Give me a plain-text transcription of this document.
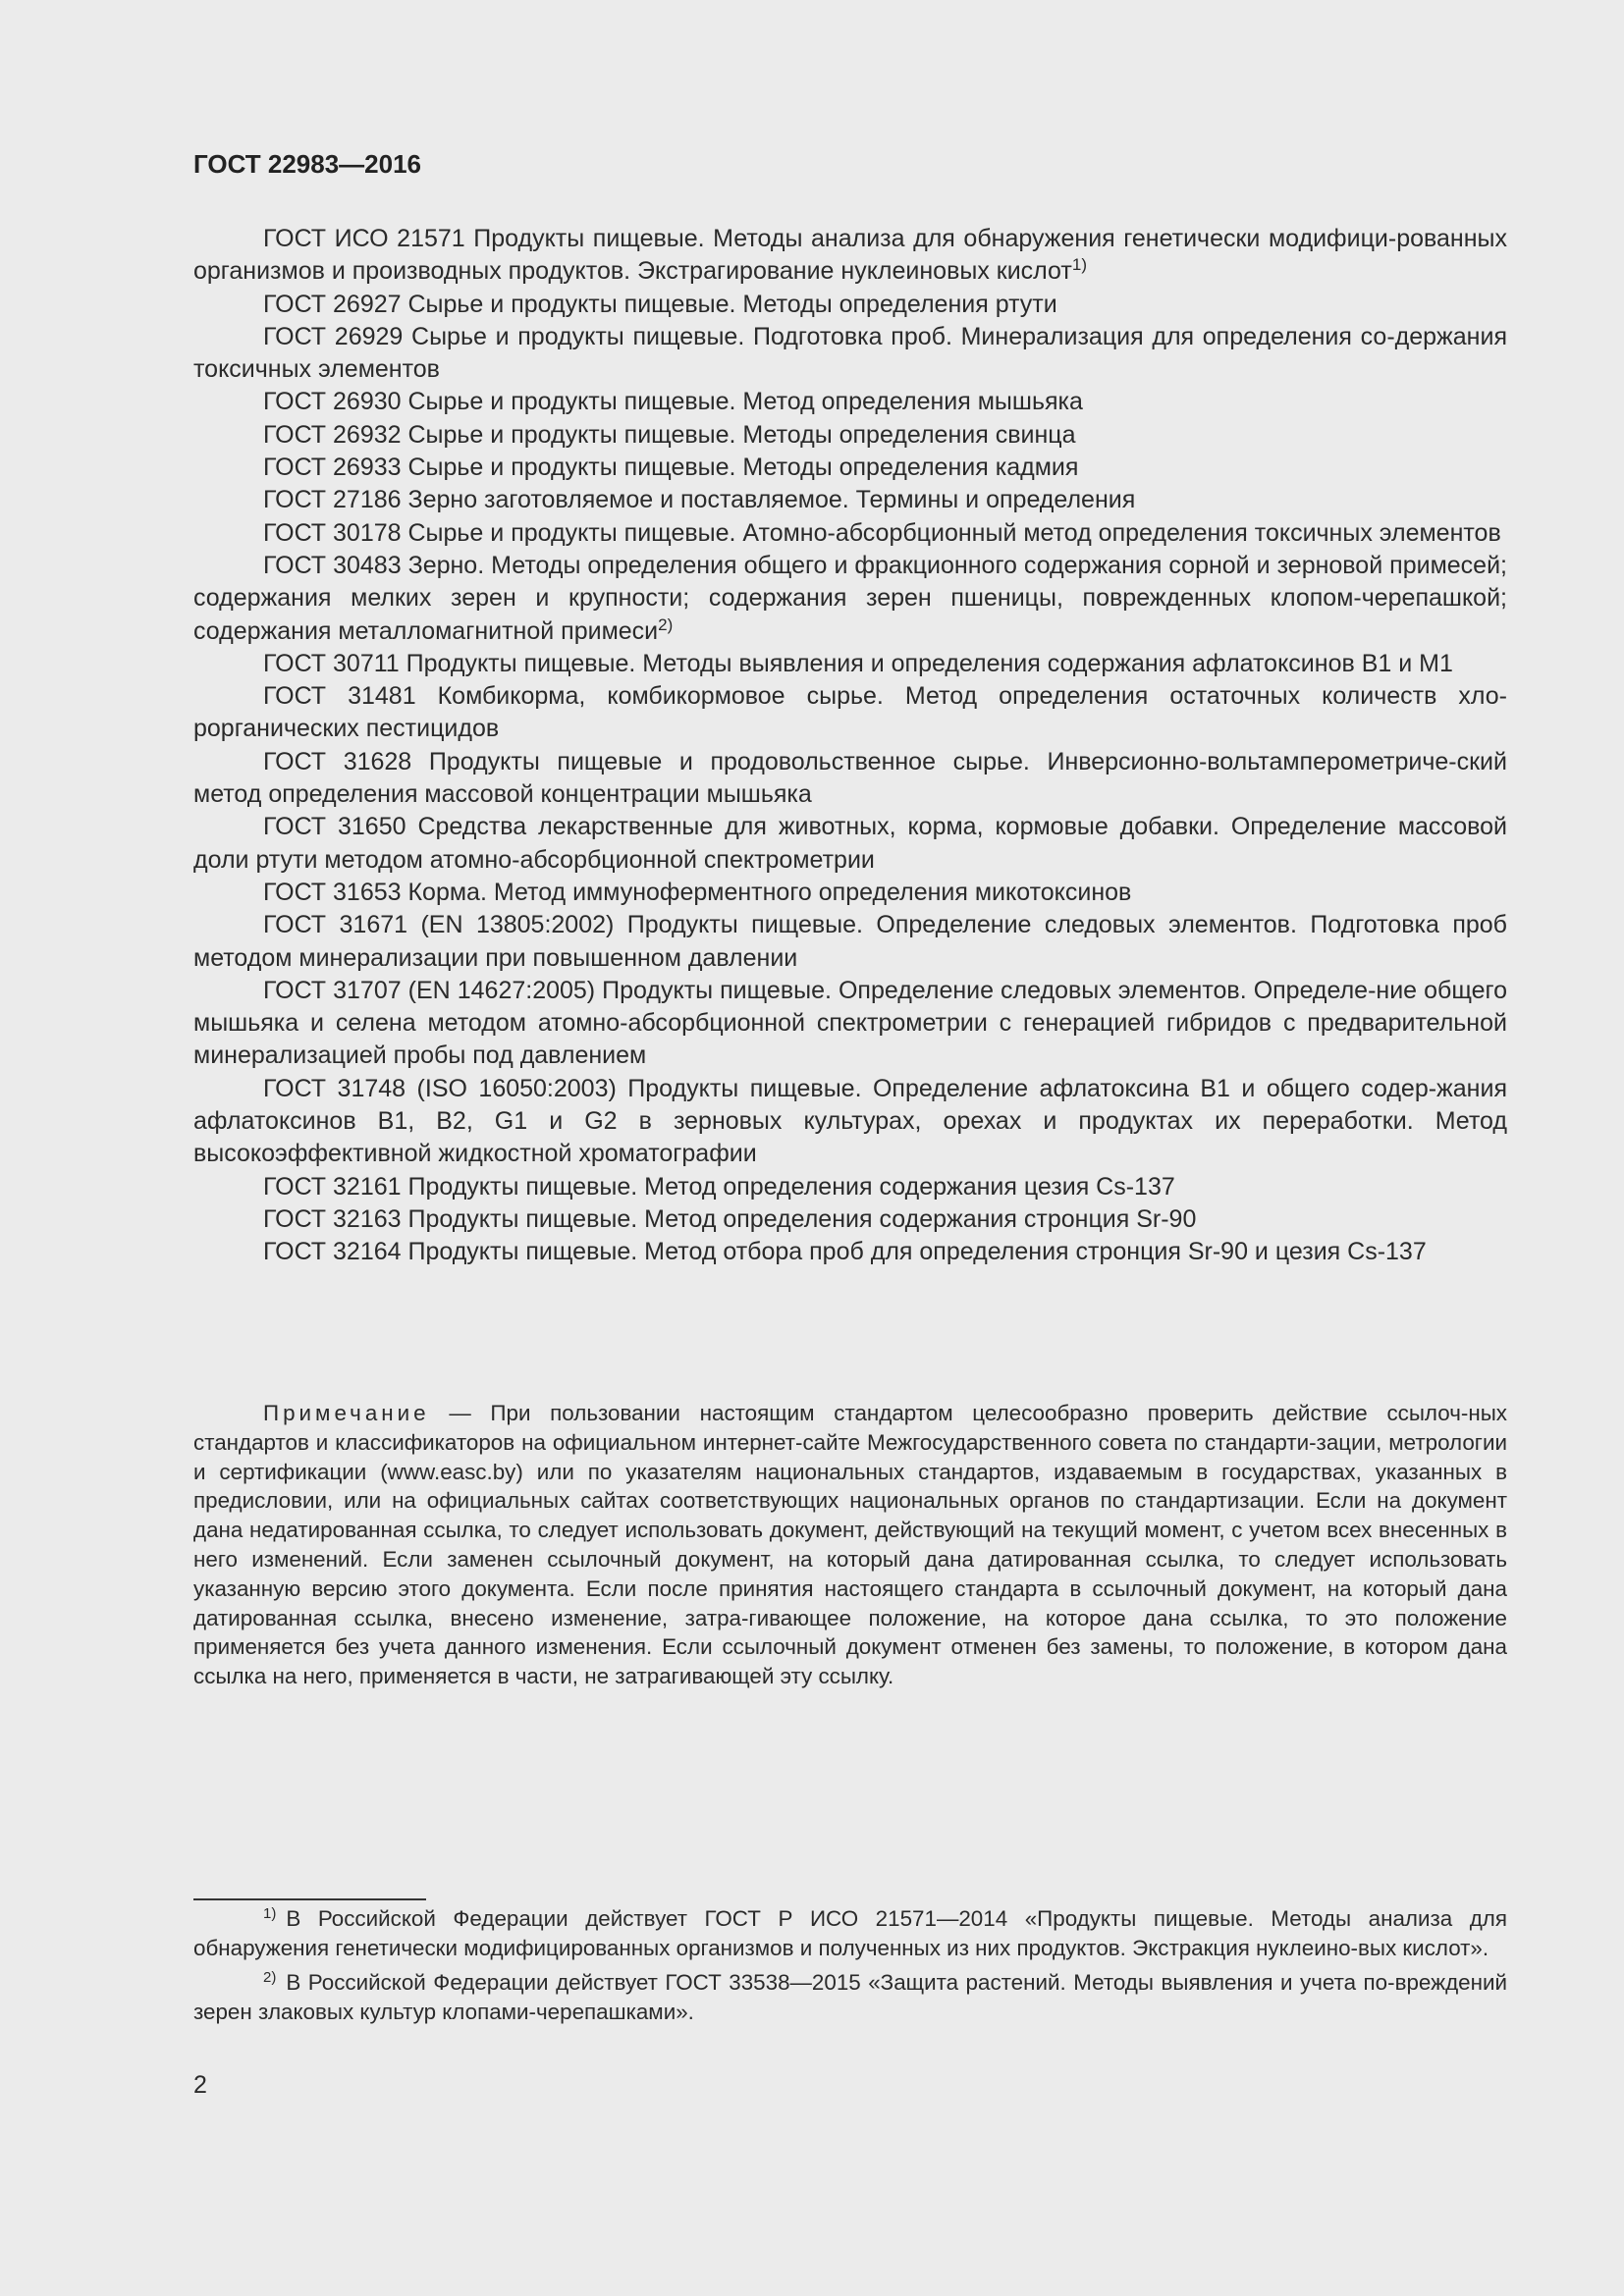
ГОСТ 22983—2016

ГОСТ ИСО 21571 Продукты пищевые. Методы анализа для обнаружения генетически модифици-рованных организмов и производных продуктов. Экстрагирование нуклеиновых кислот$^{1)}$

ГОСТ 26927 Сырье и продукты пищевые. Методы определения ртути

ГОСТ 26929 Сырье и продукты пищевые. Подготовка проб. Минерализация для определения со-держания токсичных элементов

ГОСТ 26930 Сырье и продукты пищевые. Метод определения мышьяка

ГОСТ 26932 Сырье и продукты пищевые. Методы определения свинца

ГОСТ 26933 Сырье и продукты пищевые. Методы определения кадмия

ГОСТ 27186 Зерно заготовляемое и поставляемое. Термины и определения

ГОСТ 30178 Сырье и продукты пищевые. Атомно-абсорбционный метод определения токсичных элементов

ГОСТ 30483 Зерно. Методы определения общего и фракционного содержания сорной и зерновой примесей; содержания мелких зерен и крупности; содержания зерен пшеницы, поврежденных клопом-черепашкой; содержания металломагнитной примеси$^{2)}$

ГОСТ 30711 Продукты пищевые. Методы выявления и определения содержания афлатоксинов В1 и М1

ГОСТ 31481 Комбикорма, комбикормовое сырье. Метод определения остаточных количеств хло-рорганических пестицидов

ГОСТ 31628 Продукты пищевые и продовольственное сырье. Инверсионно-вольтамперометриче-ский метод определения массовой концентрации мышьяка

ГОСТ 31650 Средства лекарственные для животных, корма, кормовые добавки. Определение массовой доли ртути методом атомно-абсорбционной спектрометрии

ГОСТ 31653 Корма. Метод иммуноферментного определения микотоксинов

ГОСТ 31671 (EN 13805:2002) Продукты пищевые. Определение следовых элементов. Подготовка проб методом минерализации при повышенном давлении

ГОСТ 31707 (EN 14627:2005) Продукты пищевые. Определение следовых элементов. Определе-ние общего мышьяка и селена методом атомно-абсорбционной спектрометрии с генерацией гибридов с предварительной минерализацией пробы под давлением

ГОСТ 31748 (ISO 16050:2003) Продукты пищевые. Определение афлатоксина В1 и общего содер-жания афлатоксинов В1, В2, G1 и G2 в зерновых культурах, орехах и продуктах их переработки. Метод высокоэффективной жидкостной хроматографии

ГОСТ 32161 Продукты пищевые. Метод определения содержания цезия Cs-137

ГОСТ 32163 Продукты пищевые. Метод определения содержания стронция Sr-90

ГОСТ 32164 Продукты пищевые. Метод отбора проб для определения стронция Sr-90 и цезия Cs-137

Примечание — При пользовании настоящим стандартом целесообразно проверить действие ссылоч-ных стандартов и классификаторов на официальном интернет-сайте Межгосударственного совета по стандарти-зации, метрологии и сертификации (www.easc.by) или по указателям национальных стандартов, издаваемым в государствах, указанных в предисловии, или на официальных сайтах соответствующих национальных органов по стандартизации. Если на документ дана недатированная ссылка, то следует использовать документ, действующий на текущий момент, с учетом всех внесенных в него изменений. Если заменен ссылочный документ, на который дана датированная ссылка, то следует использовать указанную версию этого документа. Если после принятия настоящего стандарта в ссылочный документ, на который дана датированная ссылка, внесено изменение, затра-гивающее положение, на которое дана ссылка, то это положение применяется без учета данного изменения. Если ссылочный документ отменен без замены, то положение, в котором дана ссылка на него, применяется в части, не затрагивающей эту ссылку.

$^{1)}$ В Российской Федерации действует ГОСТ Р ИСО 21571—2014 «Продукты пищевые. Методы анализа для обнаружения генетически модифицированных организмов и полученных из них продуктов. Экстракция нуклеино-вых кислот».

$^{2)}$ В Российской Федерации действует ГОСТ 33538—2015 «Защита растений. Методы выявления и учета по-вреждений зерен злаковых культур клопами-черепашками».

2
